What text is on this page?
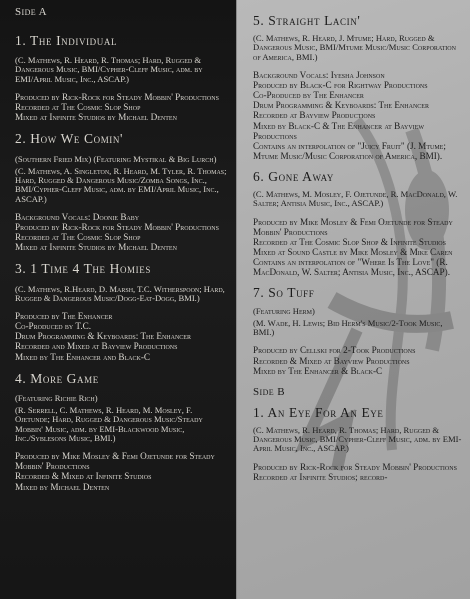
Side A
1. The Individual
(C. Mathews, R. Heard, R. Thomas; Hard, Rugged & Dangerous Music, BMI/Cypher-Cleff Music, adm. by EMI/April Music, Inc., ASCAP.)

Produced by Rick-Rock for Steady Mobbin' Productions

Recorded at The Cosmic Slop Shop

Mixed at Infinite Studios by Michael Denten

2. How We Comin'
(Southern Fried Mix) (Featuring Mystikal & Big Lurch)
(C. Mathews, A. Singleton, R. Heard, M. Tyler, R. Thomas; Hard, Rugged & Dangerous Music/Zomba Songs, Inc., BMI/Cypher-Cleff Music, adm. by EMI/April Music, Inc., ASCAP.)

Background Vocals: Doonie Baby

Produced by Rick-Rock for Steady Mobbin' Productions

Recorded at The Cosmic Slop Shop

Mixed at Infinite Studios by Michael Denten

3. 1 Time 4 The Homies
(C. Mathews, R.Heard, D. Marsh, T.C. Witherspoon; Hard, Rugged & Dangerous Music/Dogg-Eat-Dogg, BMI.)

Produced by The Enhancer

Co-Produced by T.C.

Drum Programming & Keyboards: The Enhancer

Recorded and Mixed at Bayview Productions

Mixed by The Enhancer and Black-C

4. More Game
(Featuring Richie Rich)
(R. Serrell, C. Mathews, R. Heard, M. Mosley, F. Ojetunde; Hard, Rugged & Dangerous Music/Steady Mobbin' Music, adm. by EMI-Blackwood Music, Inc./Syblesons Music, BMI.)

Produced by Mike Mosley & Femi Ojetunde for Steady Mobbin' Productions

Recorded & Mixed at Infinite Studios

Mixed by Michael Denten

5. Straight Lacin'
(C. Mathews, R. Heard, J. Mtume; Hard, Rugged & Dangerous Music, BMI/Mtume Music/Music Corporation of America, BMI.)

Background Vocals: Iyesha Johnson

Produced by Black-C for Rightway Productions

Co-Produced by The Enhancer

Drum Programming & Keyboards: The Enhancer

Recorded at Bayview Productions

Mixed by Black-C & The Enhancer at Bayview Productions

Contains an interpolation of "Juicy Fruit" (J. Mtume; Mtume Music/Music Corporation of America, BMI).

6. Gone Away
(C. Mathews, M. Mosley, F. Ojetunde, R. MacDonald, W. Salter; Antisia Music, Inc., ASCAP.)

Produced by Mike Mosley & Femi Ojetunde for Steady Mobbin' Productions

Recorded at The Cosmic Slop Shop & Infinite Studios

Mixed at Sound Castle by Mike Mosley & Mike Caren

Contains an interpolation of "Where Is The Love" (R. MacDonald, W. Salter; Antisia Music, Inc., ASCAP).

7. So Tuff
(Featuring Herm)
(M. Wade, H. Lewis; Bid Herm's Music/2-Took Music, BMI.)

Produced by Cellski for 2-Took Productions

Recorded & Mixed at Bayview Productions

Mixed by The Enhancer & Black-C

Side B
1. An Eye For An Eye
(C. Mathews, R. Heard, R. Thomas; Hard, Rugged & Dangerous Music, BMI/Cypher-Cleff Music, adm. by EMI-April Music, Inc., ASCAP.)

Produced by Rick-Rock for Steady Mobbin' Productions

Recorded at Infinite Studios; record-
